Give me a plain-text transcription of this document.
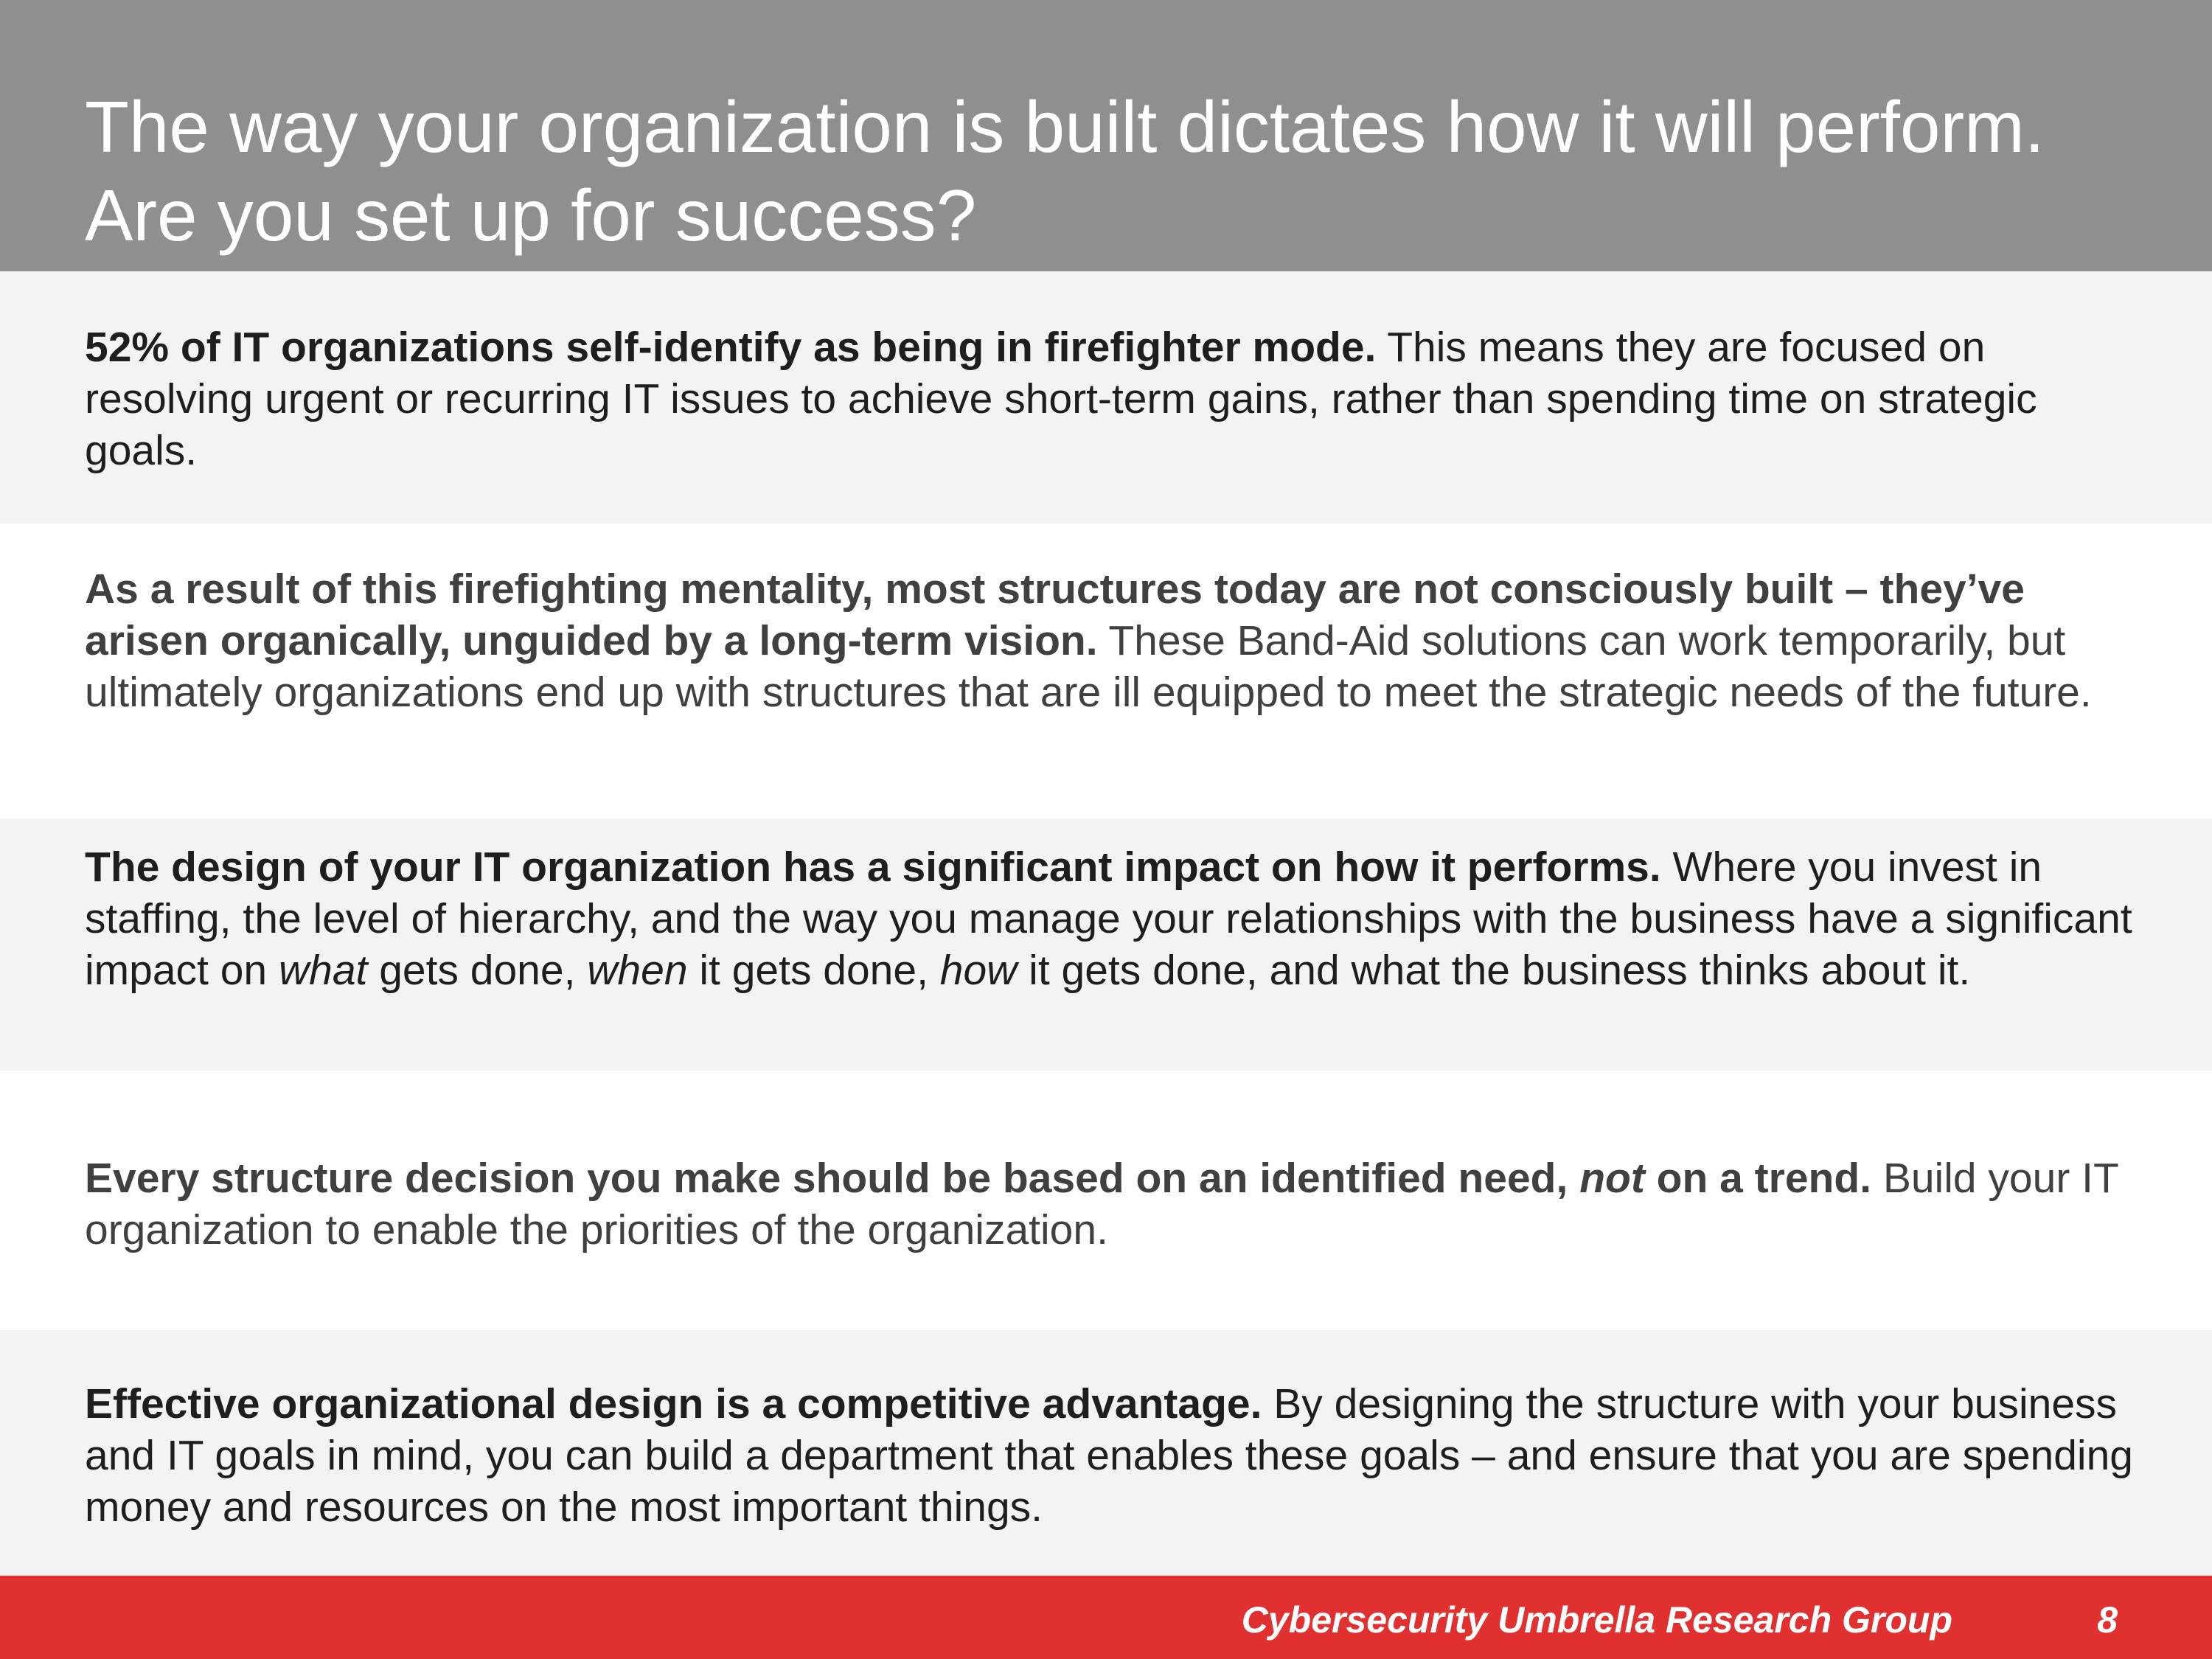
The way your organization is built dictates how it will perform.
Are you set up for success?

52% of IT organizations self-identify as being in firefighter mode. This means they are focused on resolving urgent or recurring IT issues to achieve short-term gains, rather than spending time on strategic goals.

As a result of this firefighting mentality, most structures today are not consciously built – they’ve arisen organically, unguided by a long-term vision. These Band-Aid solutions can work temporarily, but ultimately organizations end up with structures that are ill equipped to meet the strategic needs of the future.

The design of your IT organization has a significant impact on how it performs. Where you invest in staffing, the level of hierarchy, and the way you manage your relationships with the business have a significant impact on what gets done, when it gets done, how it gets done, and what the business thinks about it.

Every structure decision you make should be based on an identified need, not on a trend. Build your IT organization to enable the priorities of the organization.

Effective organizational design is a competitive advantage. By designing the structure with your business and IT goals in mind, you can build a department that enables these goals – and ensure that you are spending money and resources on the most important things.

Cybersecurity Umbrella Research Group	8
